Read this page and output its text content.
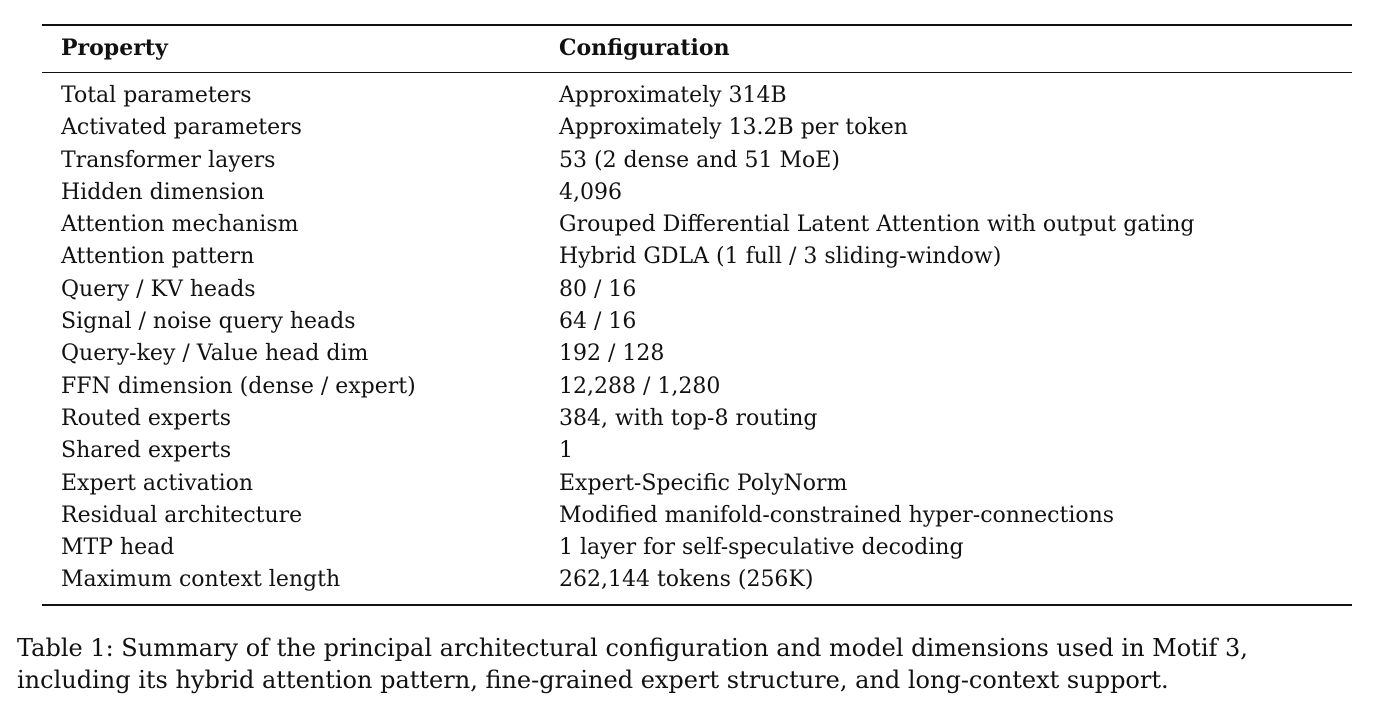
Property	Configuration
Total parameters	Approximately 314B
Activated parameters	Approximately 13.2B per token
Transformer layers	53 (2 dense and 51 MoE)
Hidden dimension	4,096
Attention mechanism	Grouped Differential Latent Attention with output gating
Attention pattern	Hybrid GDLA (1 full / 3 sliding-window)
Query / KV heads	80 / 16
Signal / noise query heads	64 / 16
Query-key / Value head dim	192 / 128
FFN dimension (dense / expert)	12,288 / 1,280
Routed experts	384, with top-8 routing
Shared experts	1
Expert activation	Expert-Specific PolyNorm
Residual architecture	Modified manifold-constrained hyper-connections
MTP head	1 layer for self-speculative decoding
Maximum context length	262,144 tokens (256K)
Table 1: Summary of the principal architectural configuration and model dimensions used in Motif 3,
including its hybrid attention pattern, fine-grained expert structure, and long-context support.
